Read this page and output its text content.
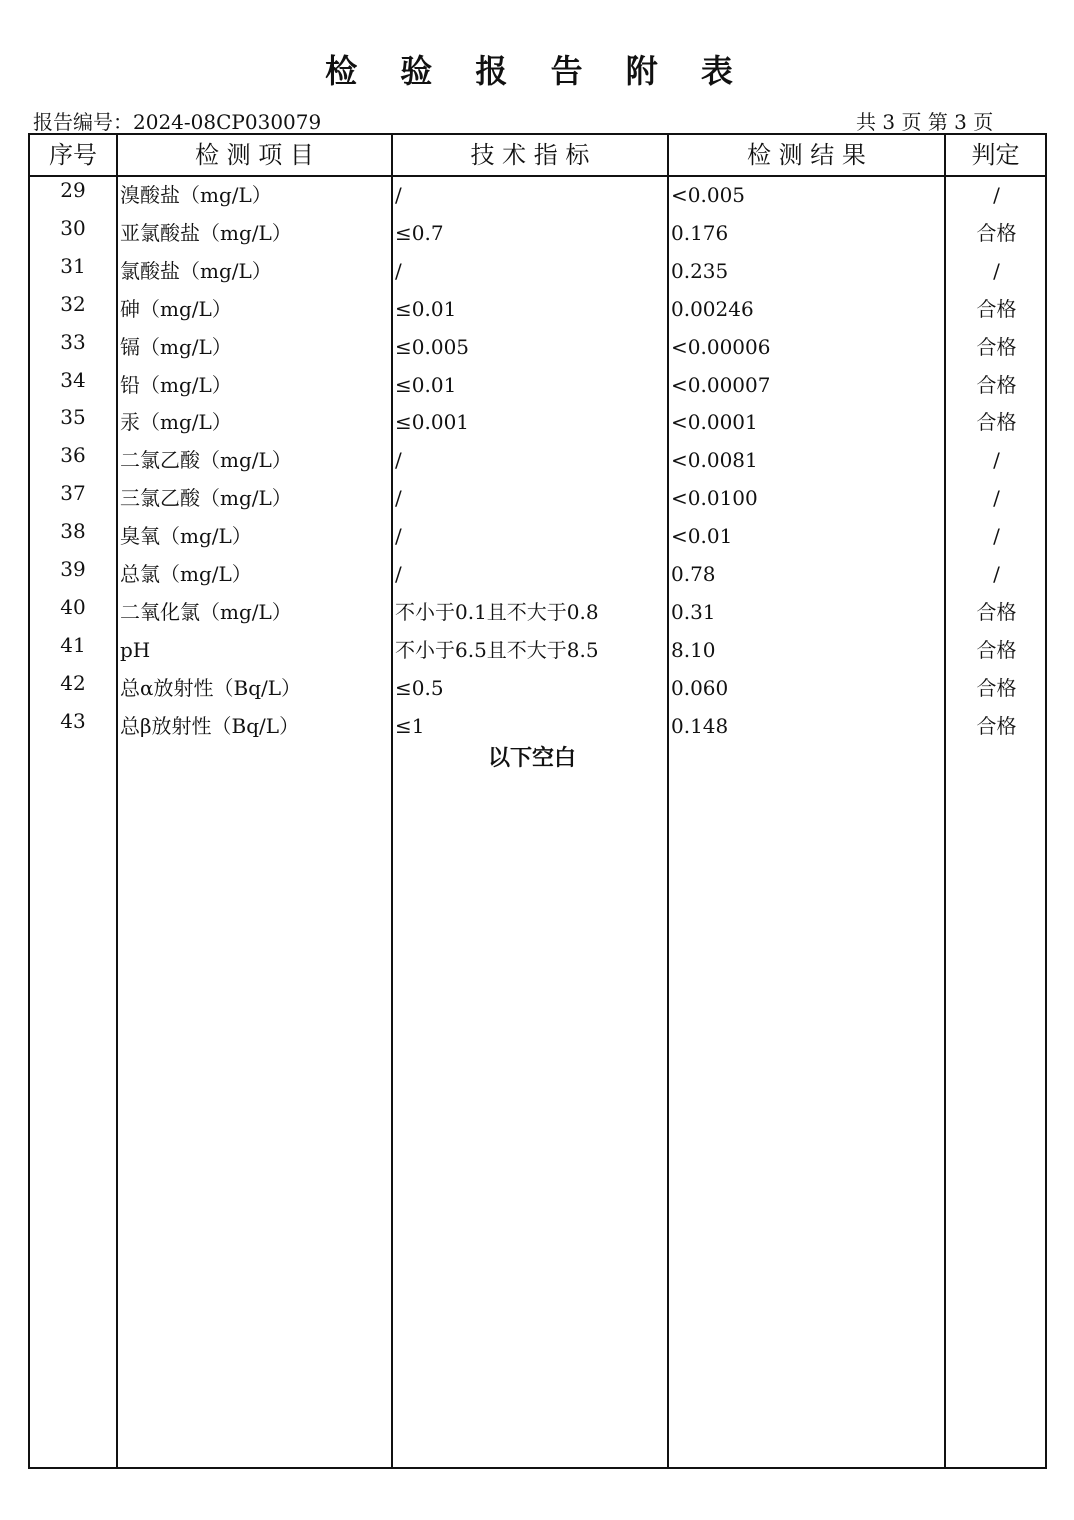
检 验 报 告 附 表
报告编号：2024-08CP030079	共 3 页 第 3 页
序号	检 测 项 目	技 术 指 标	检 测 结 果	判定
29	溴酸盐（mg/L）	/	<0.005	/
30	亚氯酸盐（mg/L）	≤0.7	0.176	合格
31	氯酸盐（mg/L）	/	0.235	/
32	砷（mg/L）	≤0.01	0.00246	合格
33	镉（mg/L）	≤0.005	<0.00006	合格
34	铅（mg/L）	≤0.01	<0.00007	合格
35	汞（mg/L）	≤0.001	<0.0001	合格
36	二氯乙酸（mg/L）	/	<0.0081	/
37	三氯乙酸（mg/L）	/	<0.0100	/
38	臭氧（mg/L）	/	<0.01	/
39	总氯（mg/L）	/	0.78	/
40	二氧化氯（mg/L）	不小于0.1且不大于0.8	0.31	合格
41	pH	不小于6.5且不大于8.5	8.10	合格
42	总α放射性（Bq/L）	≤0.5	0.060	合格
43	总β放射性（Bq/L）	≤1	0.148	合格
以下空白
